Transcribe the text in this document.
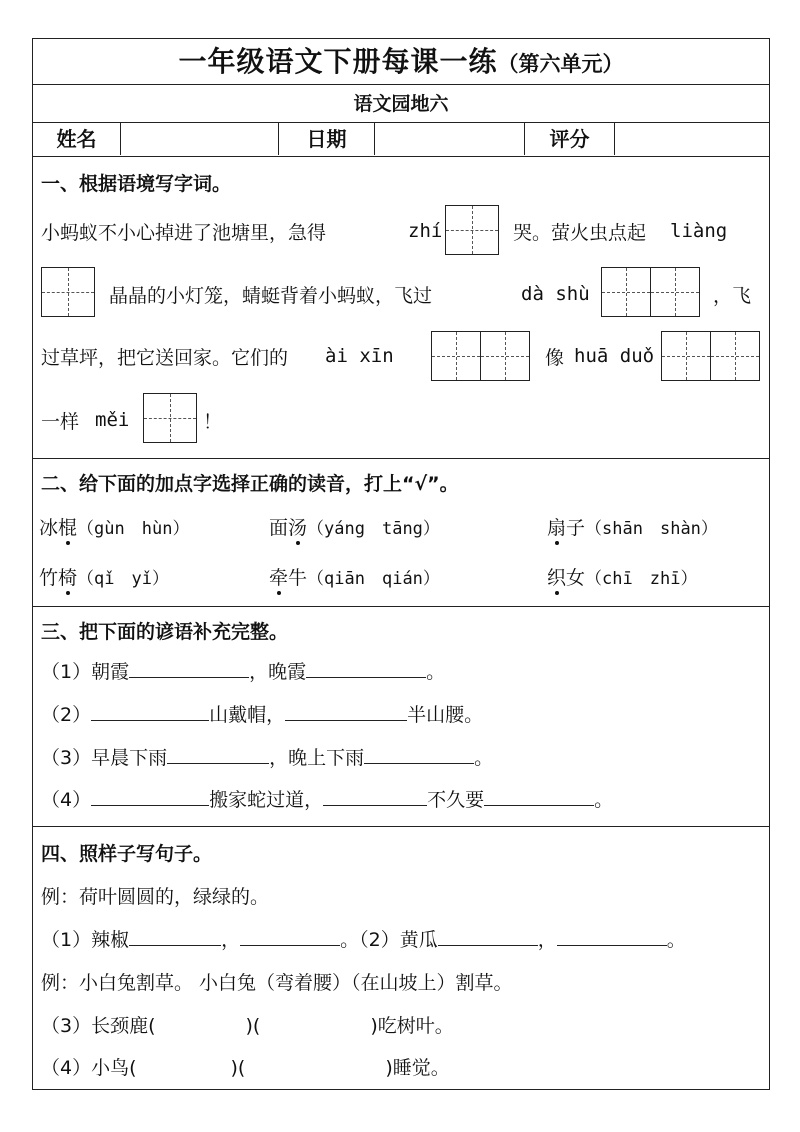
一年级语文下册每课一练（第六单元）
语文园地六
姓名	日期	评分
一、根据语境写字词。
小蚂蚁不小心掉进了池塘里，急得	zhí	哭。萤火虫点起 liàng
晶晶的小灯笼，蜻蜓背着小蚂蚁，飞过	dà shù	，飞
过草坪，把它送回家。它们的 ài xīn	像 huā duǒ
一样 měi	！
二、给下面的加点字选择正确的读音，打上“√”。
冰棍（gùn　hùn）	面汤（yáng　tāng）	扇子（shān　shàn）
竹椅（qǐ　yǐ）	牵牛（qiān　qián）	织女（chī　zhī）
三、把下面的谚语补充完整。
（1）朝霞	，晚霞	。
（2）	山戴帽，	半山腰。
（3）早晨下雨	，晚上下雨	。
（4）	搬家蛇过道，	不久要	。
四、照样子写句子。
例：荷叶圆圆的，绿绿的。
（1）辣椒	，	。（2）黄瓜	，	。
例：小白兔割草。 小白兔（弯着腰）（在山坡上）割草。
（3）长颈鹿(	)(	)吃树叶。
（4）小鸟(	)(	)睡觉。
